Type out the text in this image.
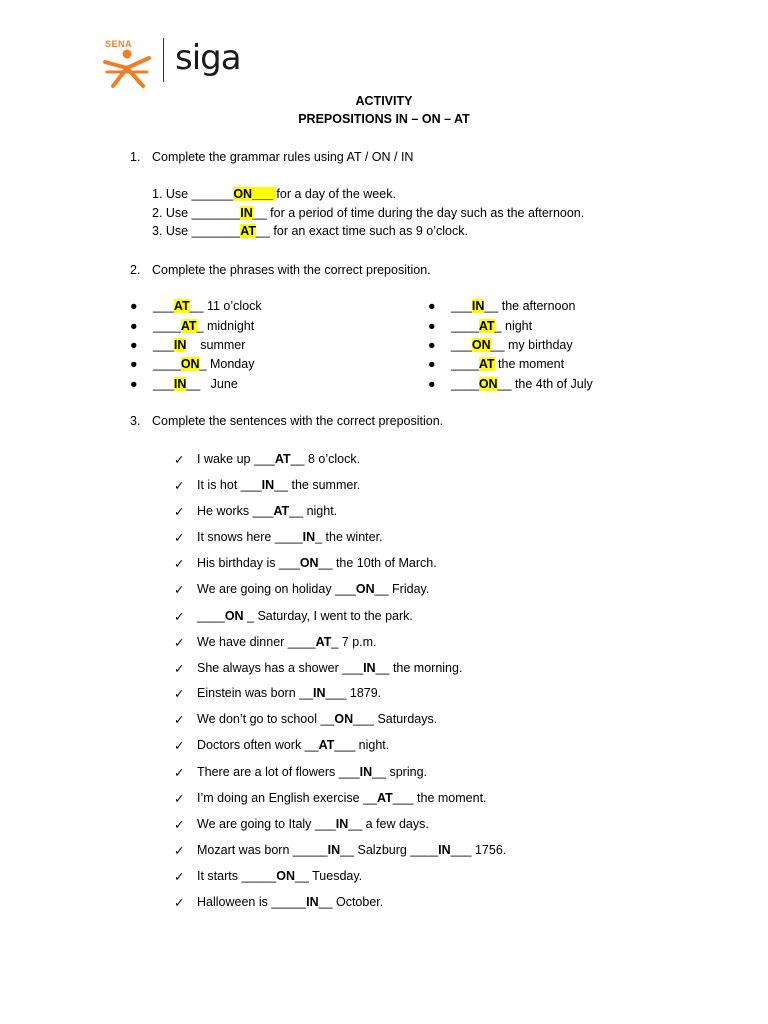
SENA siga
ACTIVITY
PREPOSITIONS IN – ON – AT
1. Complete the grammar rules using AT / ON / IN
1. Use ______ON___ for a day of the week.
2. Use _______IN__ for a period of time during the day such as the afternoon.
3. Use _______AT__ for an exact time such as 9 o’clock.
2. Complete the phrases with the correct preposition.
● ___AT__ 11 o’clock
● ____AT_ midnight
● ___IN    summer
● ____ON_ Monday
● ___IN__   June
● ___IN__ the afternoon
● ____AT_ night
● ___ON__ my birthday
● ____AT the moment
● ____ON__ the 4th of July
3. Complete the sentences with the correct preposition.
✓ I wake up ___AT__ 8 o’clock.
✓ It is hot ___IN__ the summer.
✓ He works ___AT__ night.
✓ It snows here ____IN_ the winter.
✓ His birthday is ___ON__ the 10th of March.
✓ We are going on holiday ___ON__ Friday.
✓ ____ON _ Saturday, I went to the park.
✓ We have dinner ____AT_ 7 p.m.
✓ She always has a shower ___IN__ the morning.
✓ Einstein was born __IN___ 1879.
✓ We don’t go to school __ON___ Saturdays.
✓ Doctors often work __AT___ night.
✓ There are a lot of flowers ___IN__ spring.
✓ I’m doing an English exercise __AT___ the moment.
✓ We are going to Italy ___IN__ a few days.
✓ Mozart was born _____IN__ Salzburg ____IN___ 1756.
✓ It starts _____ON__ Tuesday.
✓ Halloween is _____IN__ October.
